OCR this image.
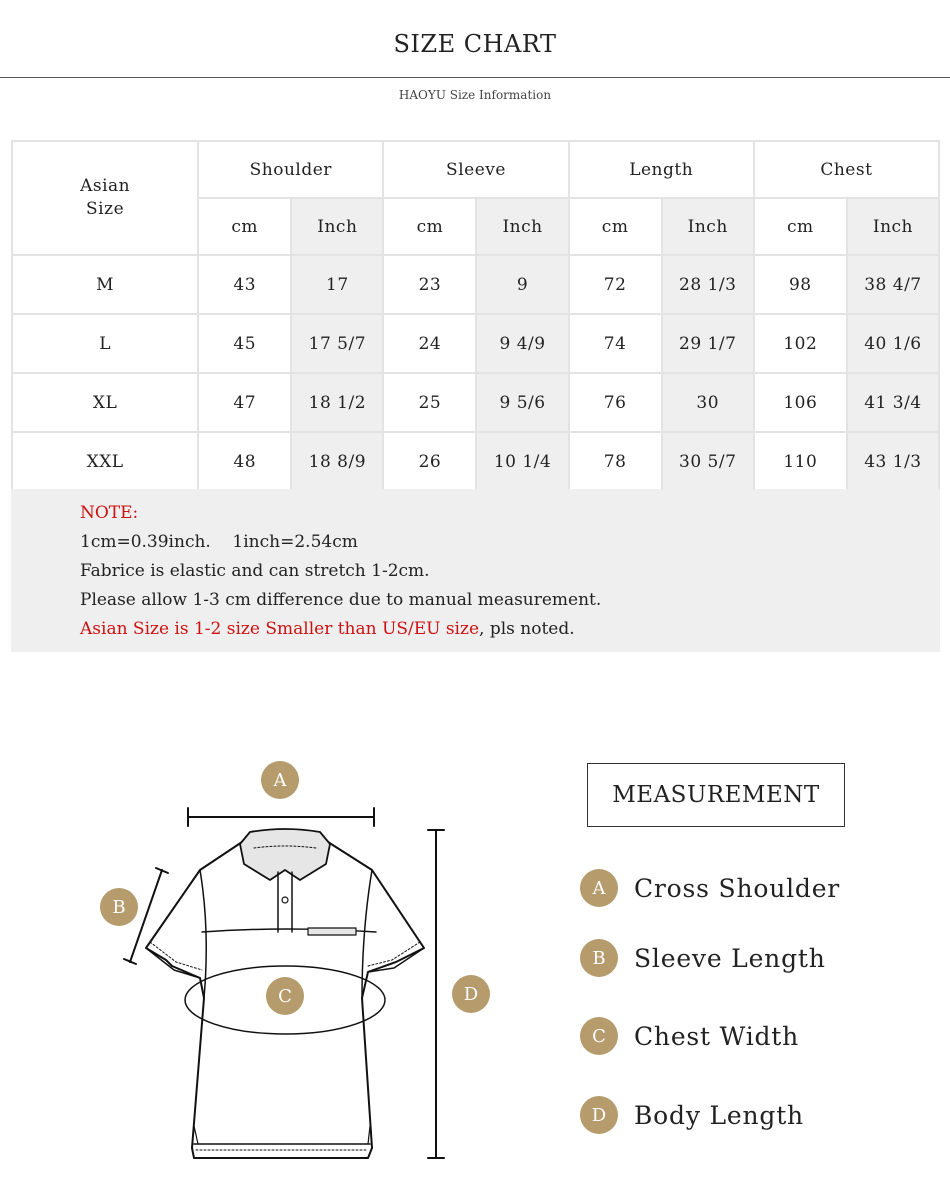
SIZE CHART
HAOYU Size Information
Asian Size	Shoulder		Sleeve		Length		Chest	
	cm	Inch	cm	Inch	cm	Inch	cm	Inch
M	43	17	23	9	72	28 1/3	98	38 4/7
L	45	17 5/7	24	9 4/9	74	29 1/7	102	40 1/6
XL	47	18 1/2	25	9 5/6	76	30	106	41 3/4
XXL	48	18 8/9	26	10 1/4	78	30 5/7	110	43 1/3
NOTE:
1cm=0.39inch.    1inch=2.54cm
Fabrice is elastic and can stretch 1-2cm.
Please allow 1-3 cm difference due to manual measurement.
Asian Size is 1-2 size Smaller than US/EU size, pls noted.
A
B
C	D
MEASUREMENT
A	Cross Shoulder
B	Sleeve Length
C	Chest Width
D	Body Length
